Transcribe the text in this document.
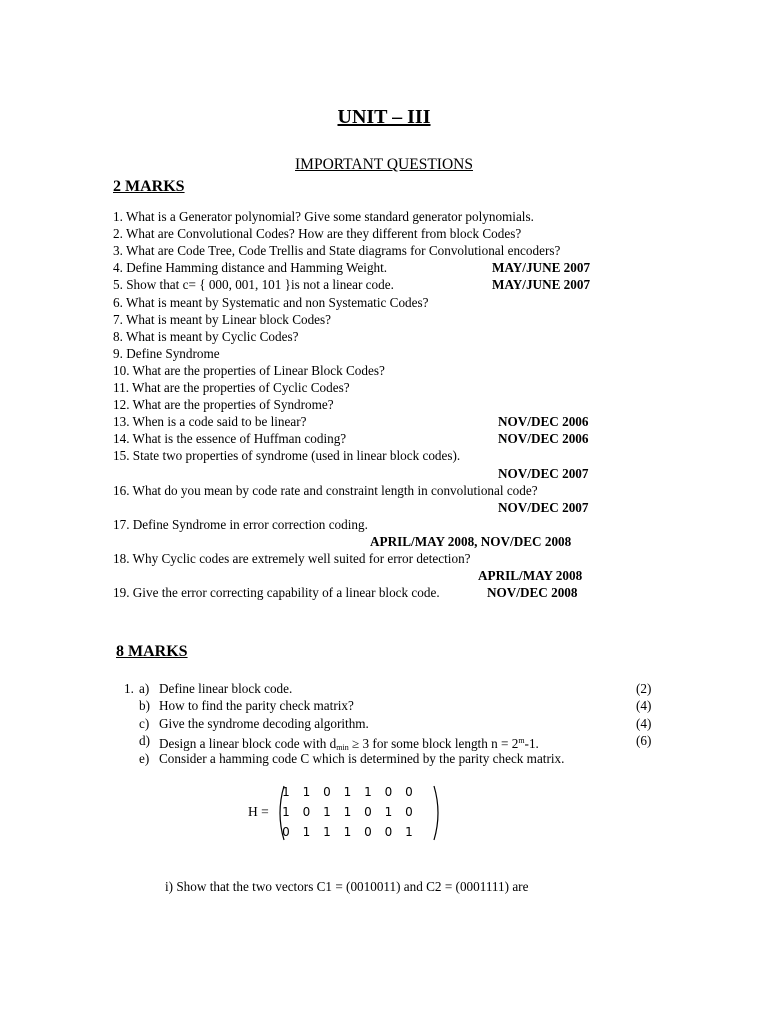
UNIT – III
IMPORTANT QUESTIONS
2 MARKS
1. What is a Generator polynomial? Give some standard generator polynomials.
2. What are Convolutional Codes? How are they different from block Codes?
3. What are Code Tree, Code Trellis and State diagrams for Convolutional encoders?
4. Define Hamming distance and Hamming Weight.	MAY/JUNE 2007
5. Show that c= { 000, 001, 101 }is not a linear code.	MAY/JUNE 2007
6. What is meant by Systematic and non Systematic Codes?
7. What is meant by Linear block Codes?
8. What is meant by Cyclic Codes?
9. Define Syndrome
10. What are the properties of Linear Block Codes?
11. What are the properties of Cyclic Codes?
12. What are the properties of Syndrome?
13. When is a code said to be linear?	NOV/DEC 2006
14. What is the essence of Huffman coding?	NOV/DEC 2006
15. State two properties of syndrome (used in linear block codes).
NOV/DEC 2007
16. What do you mean by code rate and constraint length in convolutional code?
NOV/DEC 2007
17. Define Syndrome in error correction coding.
APRIL/MAY 2008, NOV/DEC 2008
18. Why Cyclic codes are extremely well suited for error detection?
APRIL/MAY 2008
19. Give the error correcting capability of a linear block code.	NOV/DEC 2008
8 MARKS
1. a) Define linear block code.	(2)
b) How to find the parity check matrix?	(4)
c) Give the syndrome decoding algorithm.	(4)
d) Design a linear block code with $d_{min} \ge 3$ for some block length $n = 2^m-1$.	(6)
e) Consider a hamming code C which is determined by the parity check matrix.
H =
1	1	0	1	1	0	0
1	0	1	1	0	1	0
0	1	1	1	0	0	1
i) Show that the two vectors C1 = (0010011) and C2 = (0001111) are
